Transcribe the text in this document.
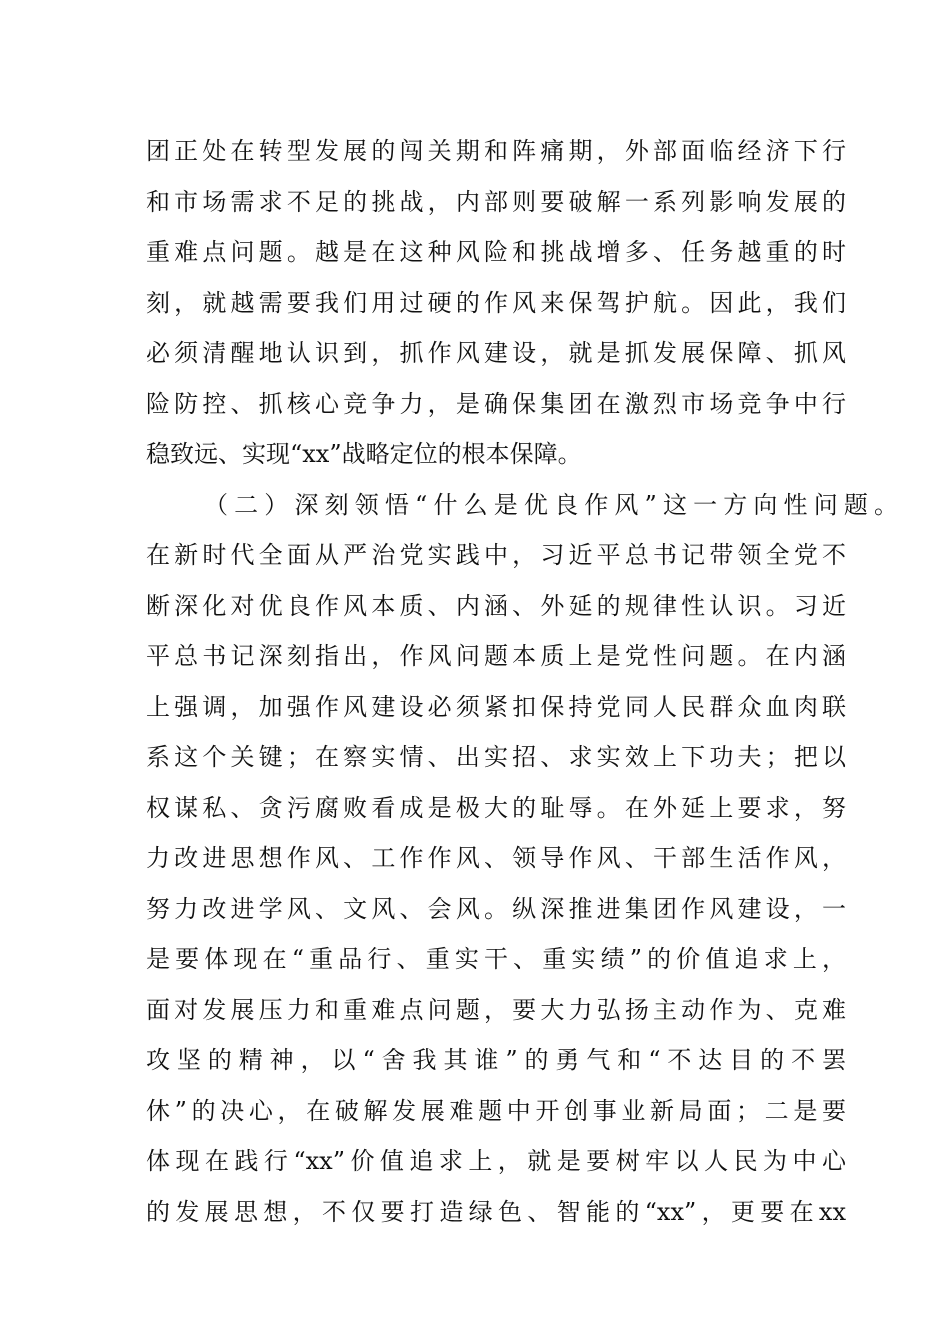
团正处在转型发展的闯关期和阵痛期，外部面临经济下行
和市场需求不足的挑战，内部则要破解一系列影响发展的
重难点问题。越是在这种风险和挑战增多、任务越重的时
刻，就越需要我们用过硬的作风来保驾护航。因此，我们
必须清醒地认识到，抓作风建设，就是抓发展保障、抓风
险防控、抓核心竞争力，是确保集团在激烈市场竞争中行
稳致远、实现“xx”战略定位的根本保障。
（二）深刻领悟“什么是优良作风”这一方向性问题。
在新时代全面从严治党实践中，习近平总书记带领全党不
断深化对优良作风本质、内涵、外延的规律性认识。习近
平总书记深刻指出，作风问题本质上是党性问题。在内涵
上强调，加强作风建设必须紧扣保持党同人民群众血肉联
系这个关键；在察实情、出实招、求实效上下功夫；把以
权谋私、贪污腐败看成是极大的耻辱。在外延上要求，努
力改进思想作风、工作作风、领导作风、干部生活作风，
努力改进学风、文风、会风。纵深推进集团作风建设，一
是要体现在“重品行、重实干、重实绩”的价值追求上，
面对发展压力和重难点问题，要大力弘扬主动作为、克难
攻坚的精神，以“舍我其谁”的勇气和“不达目的不罢
休”的决心，在破解发展难题中开创事业新局面；二是要
体现在践行“xx”价值追求上，就是要树牢以人民为中心
的发展思想，不仅要打造绿色、智能的“xx”，更要在xx
